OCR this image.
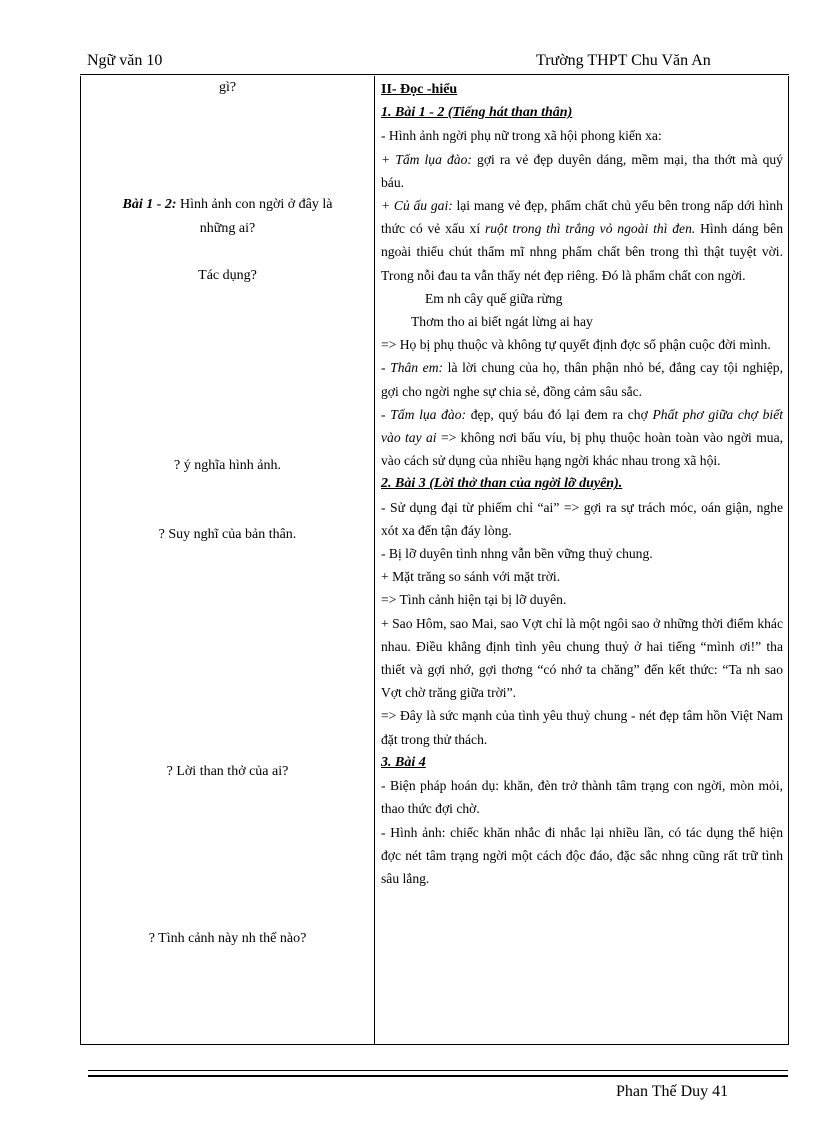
Ngữ văn 10	Trường THPT Chu Văn An
gì?
Bài 1 - 2: Hình ảnh con ngời ở đây là
những ai?
Tác dụng?
? ý nghĩa hình ảnh.
? Suy nghĩ của bản thân.
? Lời than thở của ai?
? Tình cảnh này nh thế nào?

II- Đọc -hiểu

1. Bài 1 - 2 (Tiếng hát than thân)

- Hình ảnh ngời phụ nữ trong xã hội phong kiến xa:

+ Tấm lụa đào: gợi ra vẻ đẹp duyên dáng, mềm mại, tha thớt mà quý báu.

+ Củ ấu gai: lại mang vẻ đẹp, phẩm chất chủ yếu bên trong nấp dới hình thức có vẻ xấu xí ruột trong thì trắng vỏ ngoài thì đen. Hình dáng bên ngoài thiếu chút thẩm mĩ nhng phẩm chất bên trong thì thật tuyệt vời. Trong nỗi đau ta vẫn thấy nét đẹp riêng. Đó là phẩm chất con ngời.

Em nh cây quế giữa rừng

Thơm tho ai biết ngát lừng ai hay

=> Họ bị phụ thuộc và không tự quyết định đợc số phận cuộc đời mình.

- Thân em: là lời chung của họ, thân phận nhỏ bé, đắng cay tội nghiệp, gợi cho ngời nghe sự chia sẻ, đồng cảm sâu sắc.

- Tấm lụa đào: đẹp, quý báu đó lại đem ra chợ Phất phơ giữa chợ biết vào tay ai => không nơi bấu víu, bị phụ thuộc hoàn toàn vào ngời mua, vào cách sử dụng của nhiều hạng ngời khác nhau trong xã hội.

2. Bài 3 (Lời thở than của ngời lỡ duyên).

- Sử dụng đại từ phiếm chỉ “ai” => gợi ra sự trách móc, oán giận, nghe xót xa đến tận đáy lòng.

- Bị lỡ duyên tình nhng vẫn bền vững thuỷ chung.

+ Mặt trăng so sánh với mặt trời.

=> Tình cảnh hiện tại bị lỡ duyên.

+ Sao Hôm, sao Mai, sao Vợt chỉ là một ngôi sao ở những thời điểm khác nhau. Điều khẳng định tình yêu chung thuỷ ở hai tiếng “mình ơi!” tha thiết và gợi nhớ, gợi thơng “có nhớ ta chăng” đến kết thức: “Ta nh sao Vợt chờ trăng giữa trời”.

=> Đây là sức mạnh của tình yêu thuỷ chung - nét đẹp tâm hồn Việt Nam đặt trong thử thách.

3. Bài 4

- Biện pháp hoán dụ: khăn, đèn trở thành tâm trạng con ngời, mòn mỏi, thao thức đợi chờ.

- Hình ảnh: chiếc khăn nhắc đi nhắc lại nhiều lần, có tác dụng thể hiện đợc nét tâm trạng ngời một cách độc đáo, đặc sắc nhng cũng rất trữ tình sâu lắng.

Phan Thế Duy 41
